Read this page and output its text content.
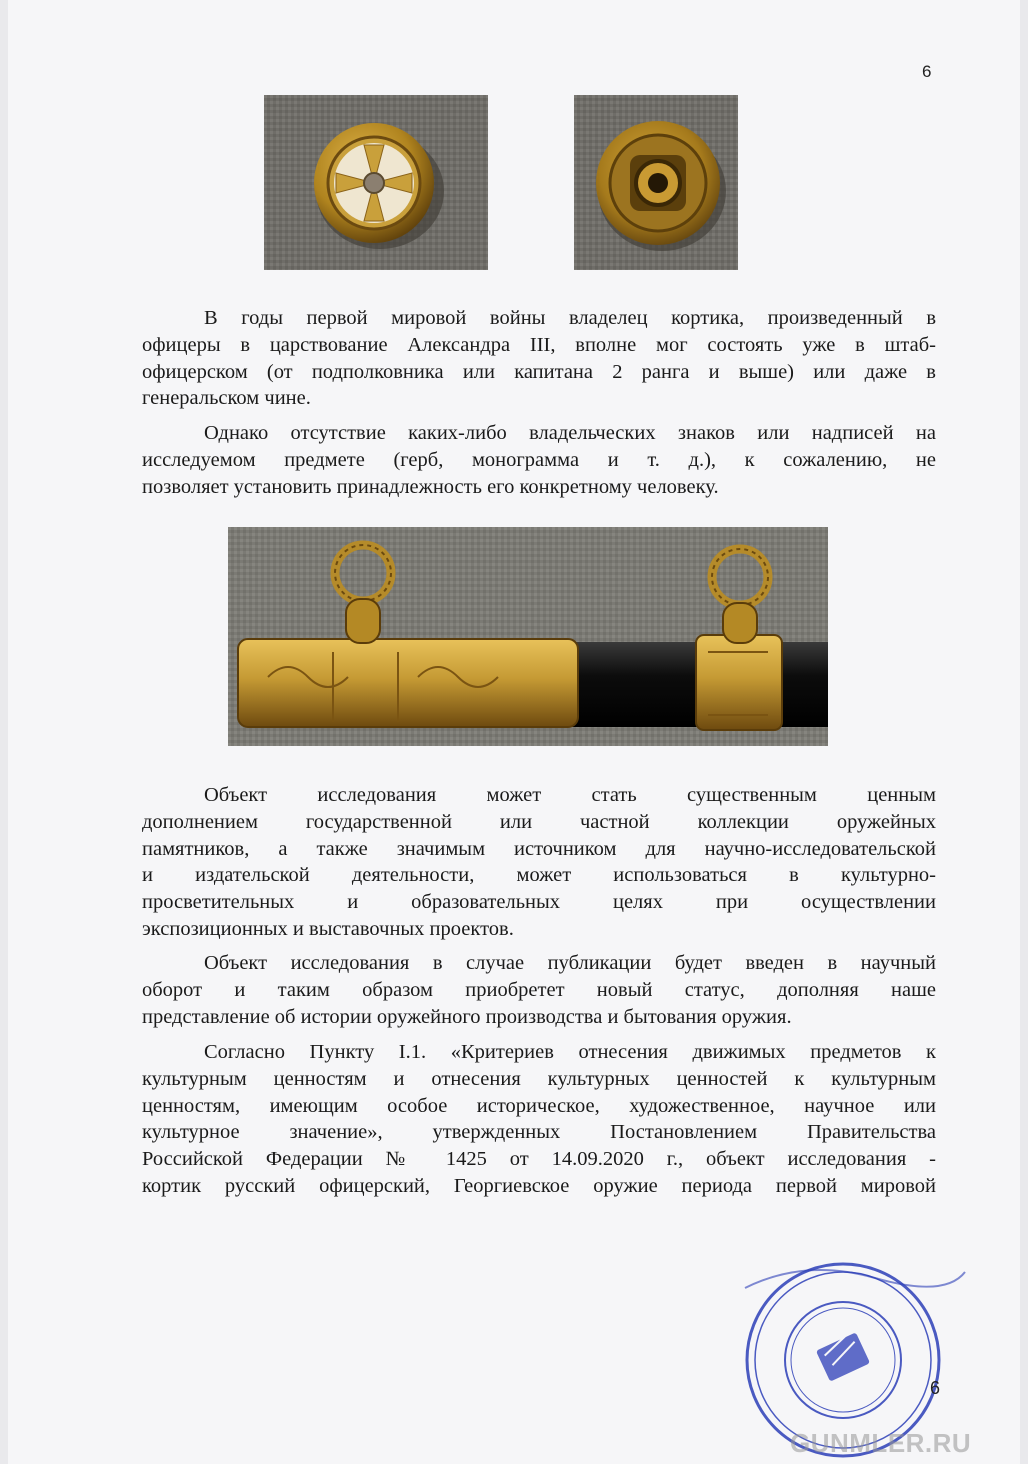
6

В годы первой мировой войны владелец кортика, произведенный в
офицеры в царствование Александра III, вполне мог состоять уже в штаб-
офицерском (от подполковника или капитана 2 ранга и выше) или даже в
генеральском чине.

Однако отсутствие каких-либо владельческих знаков или надписей на
исследуемом предмете (герб, монограмма и т. д.), к сожалению, не
позволяет установить принадлежность его конкретному человеку.

Объект исследования может стать существенным ценным
дополнением государственной или частной коллекции оружейных
памятников, а также значимым источником для научно-исследовательской
и издательской деятельности, может использоваться в культурно-
просветительных и образовательных целях при осуществлении
экспозиционных и выставочных проектов.

Объект исследования в случае публикации будет введен в научный
оборот и таким образом приобретет новый статус, дополняя наше
представление об истории оружейного производства и бытования оружия.

Согласно Пункту I.1. «Критериев отнесения движимых предметов к
культурным ценностям и отнесения культурных ценностей к культурным
ценностям, имеющим особое историческое, художественное, научное или
культурное значение», утвержденных Постановлением Правительства
Российской Федерации № 1425 от 14.09.2020 г., объект исследования -
кортик русский офицерский, Георгиевское оружие периода первой мировой

6
GUNMLER.RU
